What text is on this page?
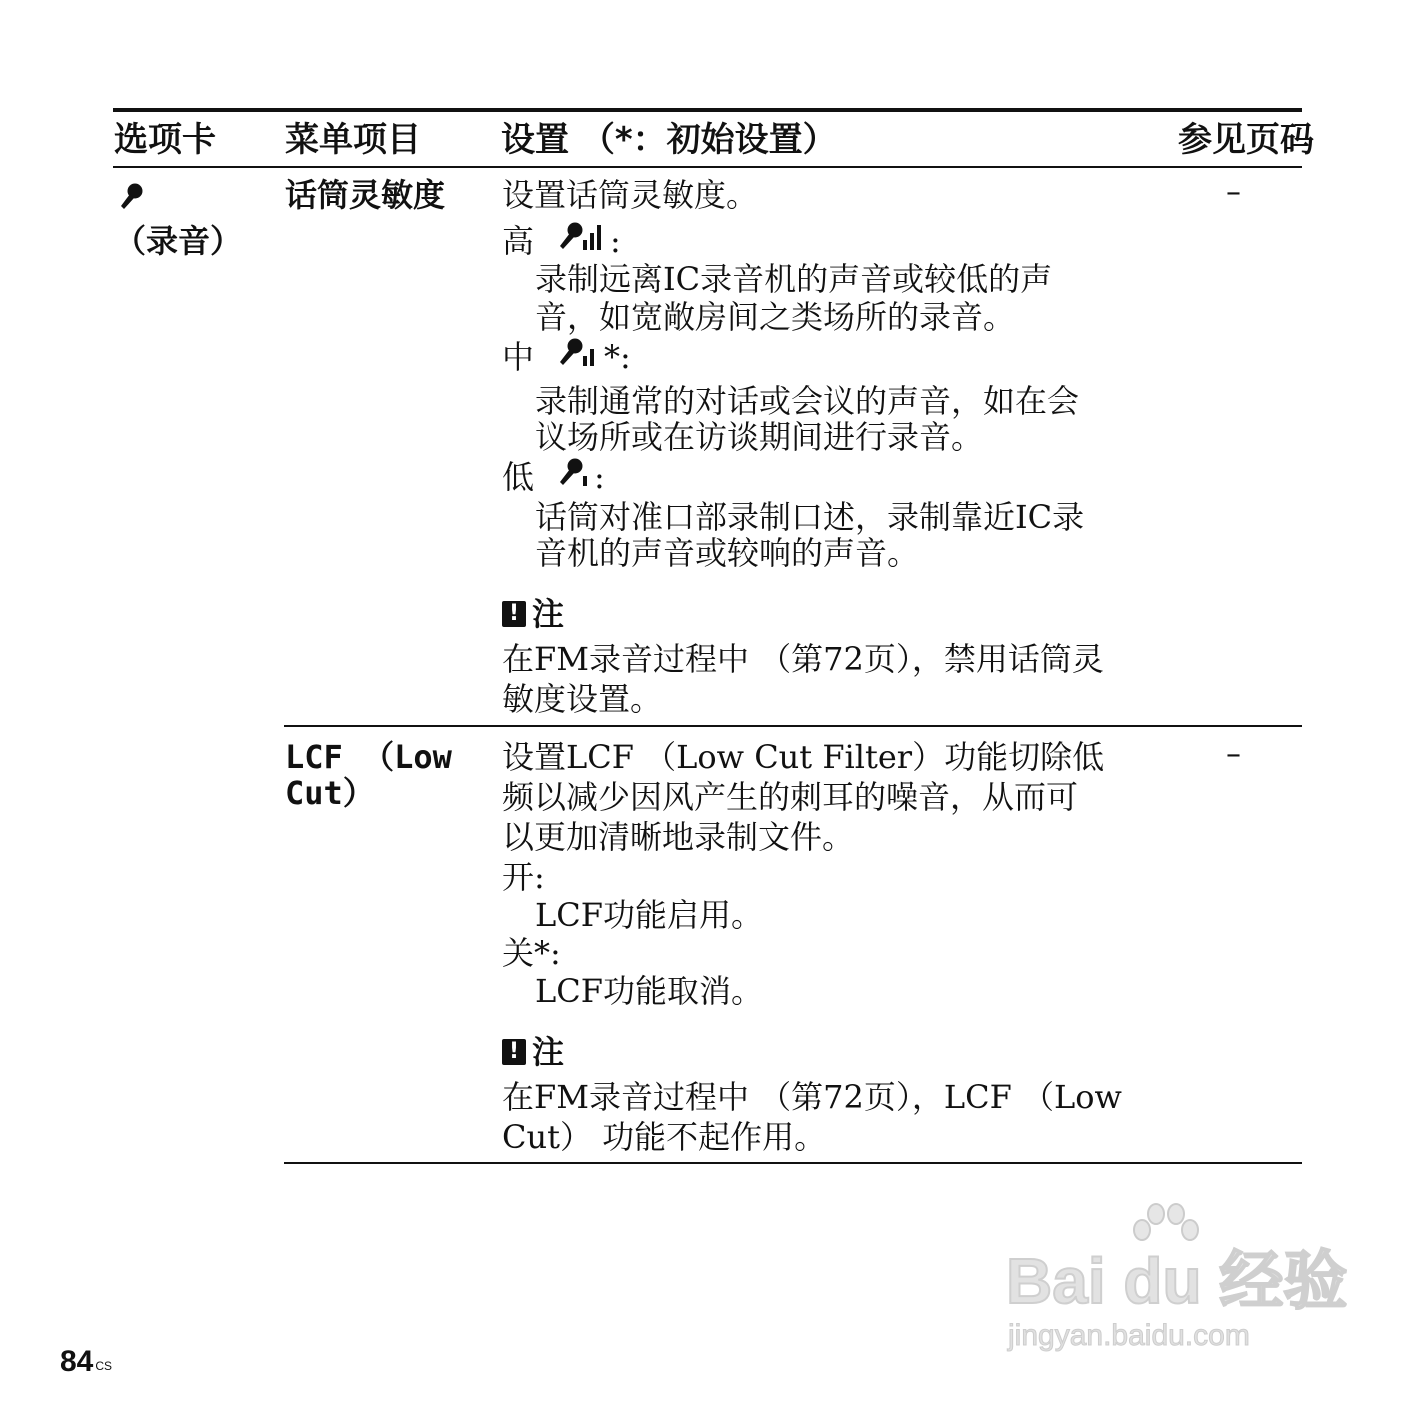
选项卡 菜单项目 设置 （*：初始设置）	参见页码
（录音）
话筒灵敏度	–
设置话筒灵敏度。
高 :
录制远离IC录音机的声音或较低的声
音，如宽敞房间之类场所的录音。
中 *:
录制通常的对话或会议的声音，如在会
议场所或在访谈期间进行录音。
低 :
话筒对准口部录制口述，录制靠近IC录
音机的声音或较响的声音。
! 注
在FM录音过程中 （第72页），禁用话筒灵
敏度设置。
LCF （Low
Cut）
–
设置LCF （Low Cut Filter）功能切除低
频以减少因风产生的刺耳的噪音，从而可
以更加清晰地录制文件。
开:
LCF功能启用。
关*:
LCF功能取消。
! 注
在FM录音过程中 （第72页），LCF （Low
Cut） 功能不起作用。
84 $^{CS}$
Bai du 经验
jingyan.baidu.com
